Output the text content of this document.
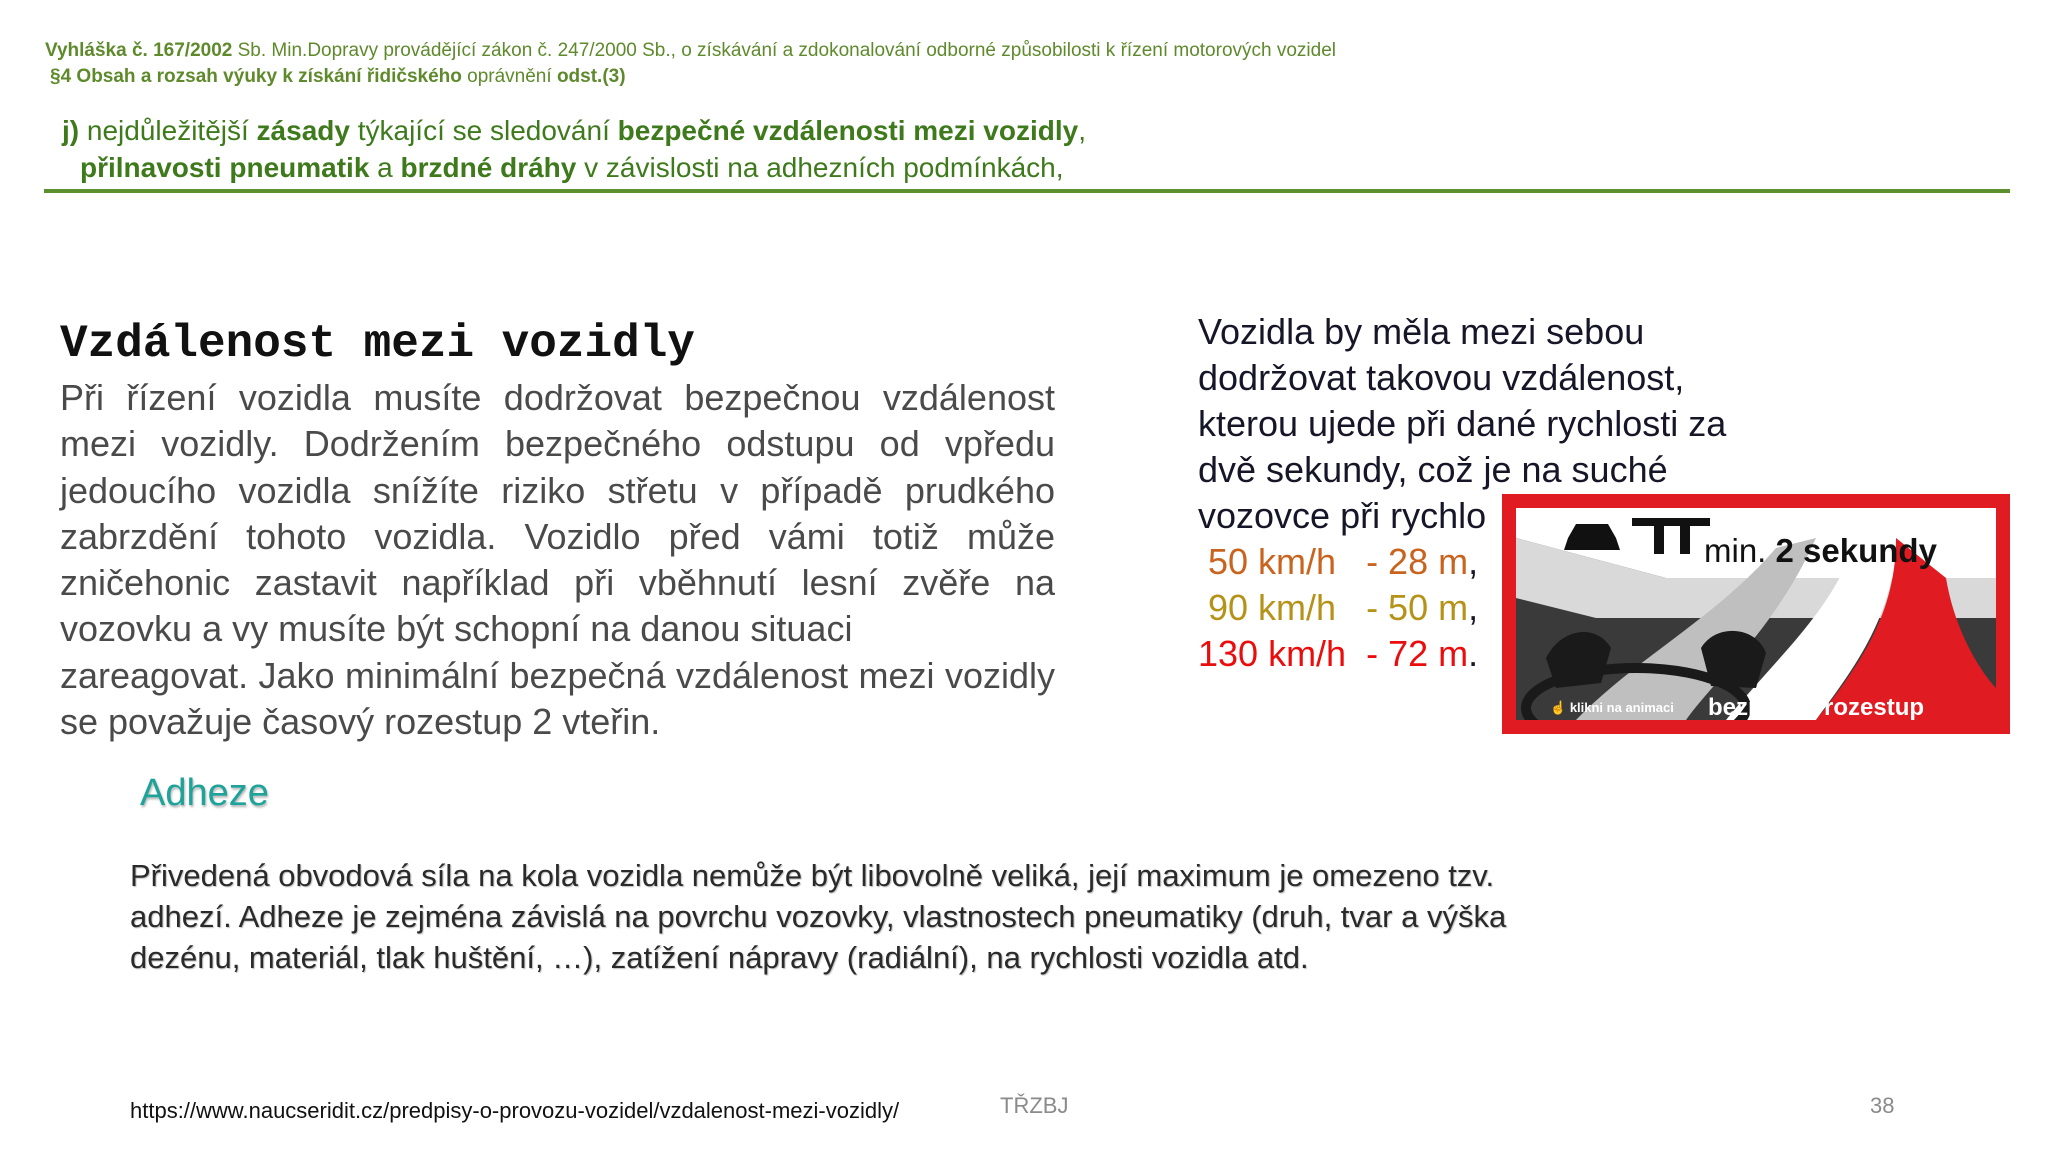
Vyhláška č. 167/2002 Sb. Min.Dopravy provádějící zákon č. 247/2000 Sb., o získávání a zdokonalování odborné způsobilosti k řízení motorových vozidel
§4 Obsah a rozsah výuky k získání řidičského oprávnění odst.(3)
j) nejdůležitější zásady týkající se sledování bezpečné vzdálenosti mezi vozidly,
přilnavosti pneumatik a brzdné dráhy v závislosti na adhezních podmínkách,
Vzdálenost mezi vozidly
Při řízení vozidla musíte dodržovat bezpečnou vzdálenost mezi vozidly. Dodržením bezpečného odstupu od vpředu jedoucího vozidla snížíte riziko střetu v případě prudkého zabrzdění tohoto vozidla. Vozidlo před vámi totiž může zničehonic zastavit například při vběhnutí lesní zvěře na vozovku a vy musíte být schopní na danou situaci
zareagovat. Jako minimální bezpečná vzdálenost mezi vozidly se považuje časový rozestup 2 vteřin.
Vozidla by měla mezi sebou
dodržovat takovou vzdálenost,
kterou ujede při dané rychlosti za
dvě sekundy, což je na suché
vozovce při rychlo
50 km/h   - 28 m,
90 km/h   - 50 m,
130 km/h  - 72 m.
min. 2 sekundy
☝ klikni na animaci bezpečný rozestup
Adheze
Přivedená obvodová síla na kola vozidla nemůže být libovolně veliká, její maximum je omezeno tzv. adhezí. Adheze je zejména závislá na povrchu vozovky, vlastnostech pneumatiky (druh, tvar a výška dezénu, materiál, tlak huštění, …), zatížení nápravy (radiální), na rychlosti vozidla atd.
https://www.naucseridit.cz/predpisy-o-provozu-vozidel/vzdalenost-mezi-vozidly/	TŘZBJ	38
